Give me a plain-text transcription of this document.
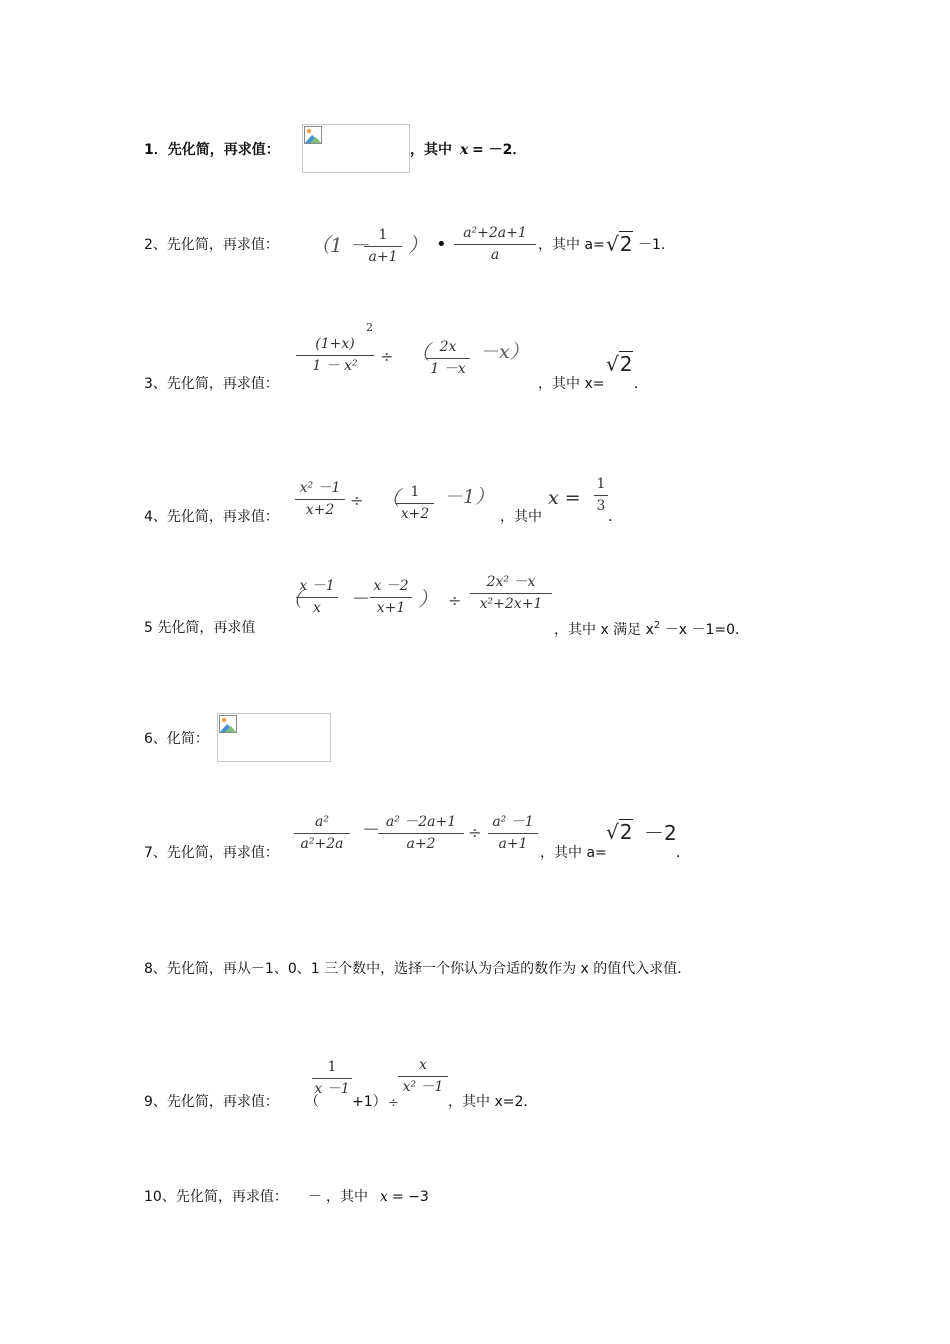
1．先化简，再求值：	，其中 x = －2．
2、先化简，再求值： （1 － 1
a+1 ） •
a²+2a+1
a
，其中 a= √2 －1．
3、先化简，再求值：
2
(1+x)
1 － x² ÷ （ 2x
1 －x
－x）
，其中 x=
√2
．
4、先化简，再求值：
x² －1
x+2 ÷ （ 1
x+2
－1）
，其中
x =
1
3
．
5 先化简，再求值
（
x －1
x －
x －2
x+1 ） ÷
2x² －x
x²+2x+1
，其中 x 满足 $x^2 -x -1=0$．
6、化简：
7、先化简，再求值：
a²
a²+2a
－ a² －2a+1
a+2
÷
a² －1
a+1
，其中 a=
√2 －2
．
8、先化简，再从－1、0、1 三个数中，选择一个你认为合适的数作为 x 的值代入求值．
9、先化简，再求值： （
1
x －1
+1） ÷
x
x² －1
，其中 x=2．
10、先化简，再求值： － ，其中 x = −3
